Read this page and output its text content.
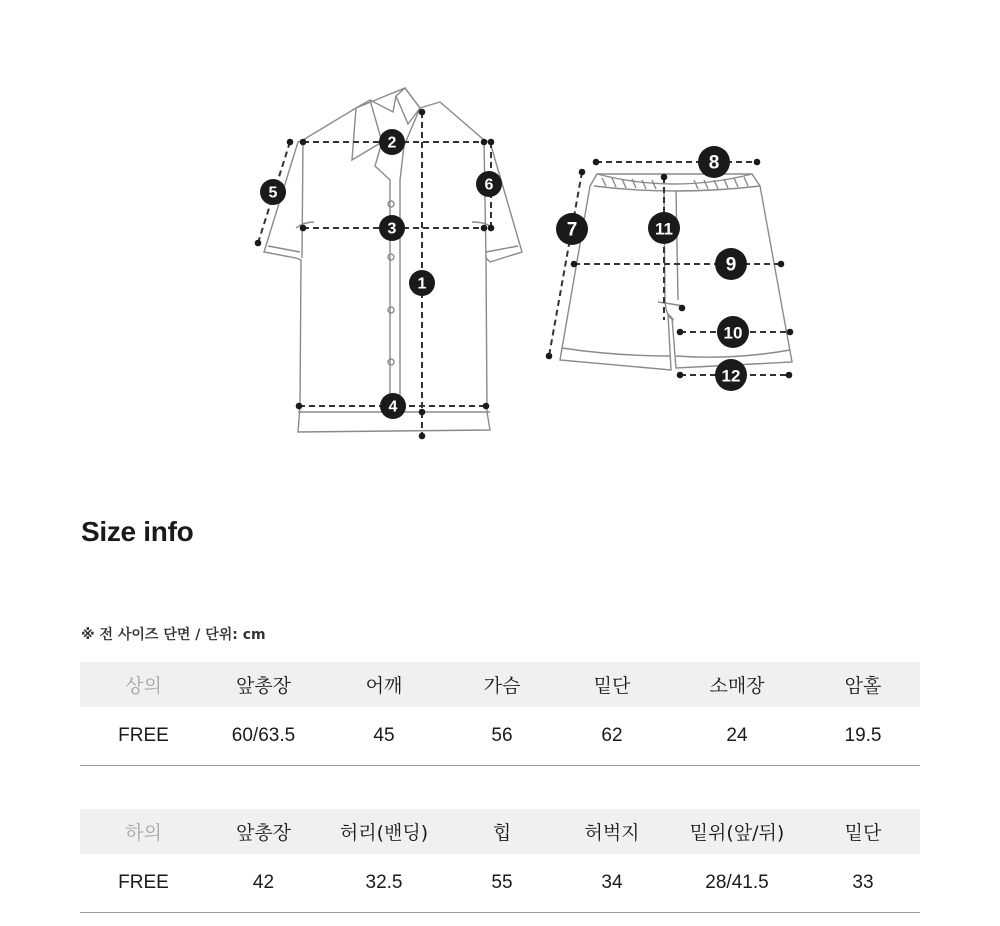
1
2
3
4
5	6
7
8
9
10
11
12
Size info
※ 전 사이즈 단면 / 단위: cm
상의	앞총장	어깨	가슴	밑단	소매장	암홀
FREE	60/63.5	45	56	62	24	19.5
하의	앞총장	허리(밴딩)	힙	허벅지	밑위(앞/뒤)	밑단
FREE	42	32.5	55	34	28/41.5	33
